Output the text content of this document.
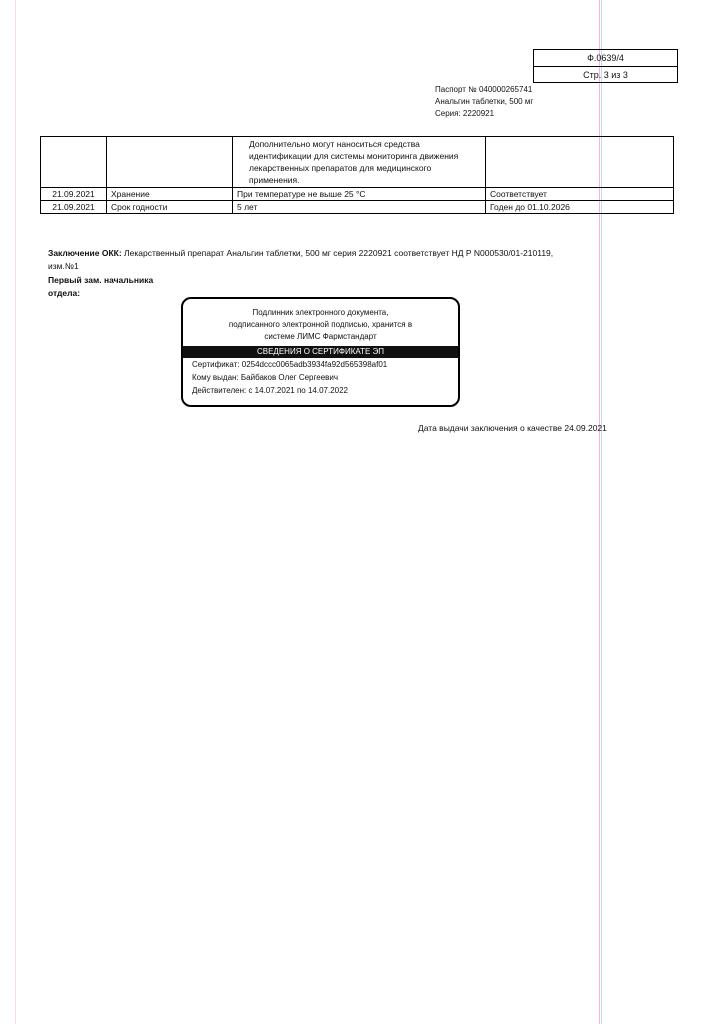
Ф.0639/4
Стр. 3 из 3
Паспорт № 040000265741
Анальгин таблетки, 500 мг
Серия: 2220921
		Дополнительно могут наноситься средства идентификации для системы мониторинга движения лекарственных препаратов для медицинского применения.	
21.09.2021	Хранение	При температуре не выше 25 °С	Соответствует
21.09.2021	Срок годности	5 лет	Годен до 01.10.2026
Заключение ОКК: Лекарственный препарат Анальгин таблетки, 500 мг серия 2220921 соответствует НД Р N000530/01-210119, изм.№1
Первый зам. начальника
отдела:
Подлинник электронного документа,
подписанного электронной подписью, хранится в
системе ЛИМС Фармстандарт
СВЕДЕНИЯ О СЕРТИФИКАТЕ ЭП
Сертификат: 0254dccc0065adb3934fa92d565398af01
Кому выдан: Байбаков Олег Сергеевич
Действителен: с 14.07.2021 по 14.07.2022
Дата выдачи заключения о качестве 24.09.2021
